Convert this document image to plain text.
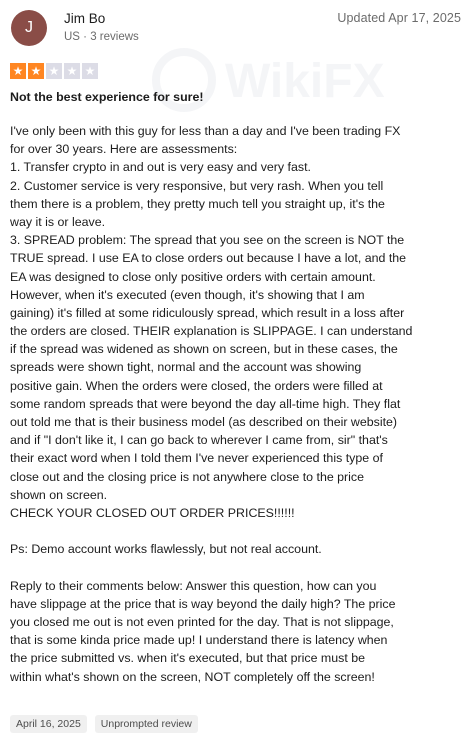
WikiFX
J
Jim Bo
US · 3 reviews
Updated Apr 17, 2025
★ ★ ★ ★ ★
Not the best experience for sure!
I've only been with this guy for less than a day and I've been trading FX
for over 30 years. Here are assessments:
1. Transfer crypto in and out is very easy and very fast.
2. Customer service is very responsive, but very rash. When you tell
them there is a problem, they pretty much tell you straight up, it's the
way it is or leave.
3. SPREAD problem: The spread that you see on the screen is NOT the
TRUE spread. I use EA to close orders out because I have a lot, and the
EA was designed to close only positive orders with certain amount.
However, when it's executed (even though, it's showing that I am
gaining) it's filled at some ridiculously spread, which result in a loss after
the orders are closed. THEIR explanation is SLIPPAGE. I can understand
if the spread was widened as shown on screen, but in these cases, the
spreads were shown tight, normal and the account was showing
positive gain. When the orders were closed, the orders were filled at
some random spreads that were beyond the day all-time high. They flat
out told me that is their business model (as described on their website)
and if "I don't like it, I can go back to wherever I came from, sir" that's
their exact word when I told them I've never experienced this type of
close out and the closing price is not anywhere close to the price
shown on screen.
CHECK YOUR CLOSED OUT ORDER PRICES!!!!!!
Ps: Demo account works flawlessly, but not real account.
Reply to their comments below: Answer this question, how can you
have slippage at the price that is way beyond the daily high? The price
you closed me out is not even printed for the day. That is not slippage,
that is some kinda price made up! I understand there is latency when
the price submitted vs. when it's executed, but that price must be
within what's shown on the screen, NOT completely off the screen!
April 16, 2025	Unprompted review
